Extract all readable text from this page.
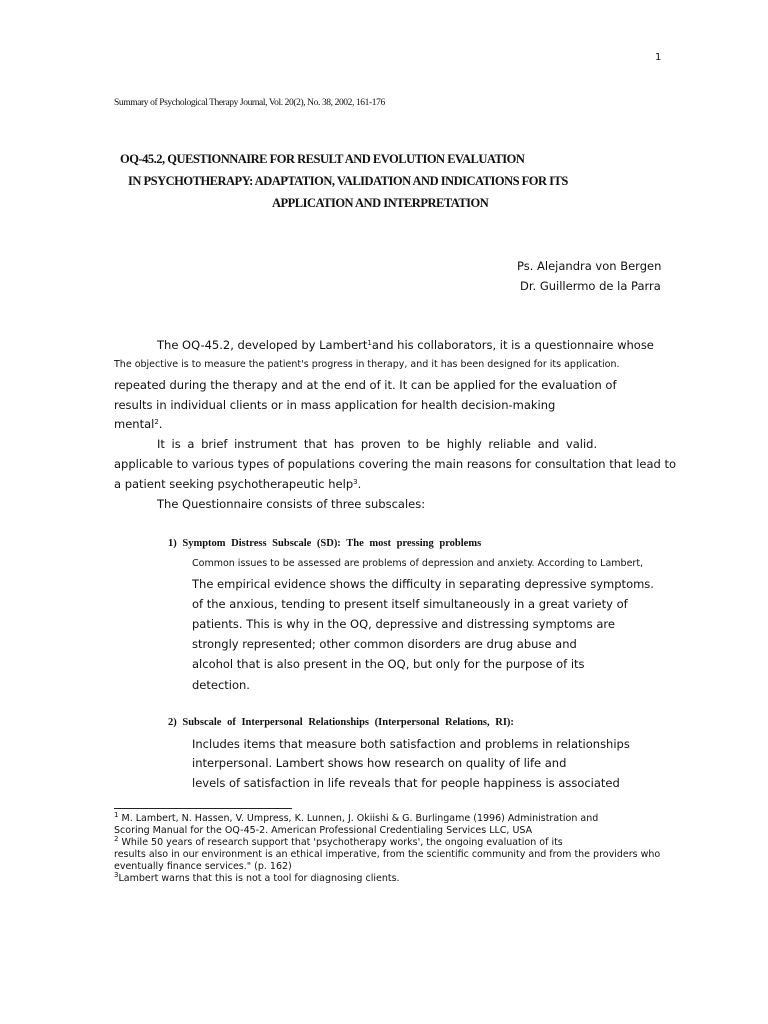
1
Summary of Psychological Therapy Journal, Vol. 20(2), No. 38, 2002, 161-176
OQ-45.2, QUESTIONNAIRE FOR RESULT AND EVOLUTION EVALUATION
IN PSYCHOTHERAPY: ADAPTATION, VALIDATION AND INDICATIONS FOR ITS
APPLICATION AND INTERPRETATION
Ps. Alejandra von Bergen
Dr. Guillermo de la Parra
The OQ-45.2, developed by Lambert$^1$and his collaborators, it is a questionnaire whose
The objective is to measure the patient's progress in therapy, and it has been designed for its application.
repeated during the therapy and at the end of it. It can be applied for the evaluation of
results in individual clients or in mass application for health decision-making
mental$^2$.
It is a brief instrument that has proven to be highly reliable and valid.
applicable to various types of populations covering the main reasons for consultation that lead to
a patient seeking psychotherapeutic help$^3$.
The Questionnaire consists of three subscales:
1) Symptom Distress Subscale (SD): The most pressing problems
Common issues to be assessed are problems of depression and anxiety. According to Lambert,
The empirical evidence shows the difficulty in separating depressive symptoms.
of the anxious, tending to present itself simultaneously in a great variety of
patients. This is why in the OQ, depressive and distressing symptoms are
strongly represented; other common disorders are drug abuse and
alcohol that is also present in the OQ, but only for the purpose of its
detection.
2) Subscale of Interpersonal Relationships (Interpersonal Relations, RI):
Includes items that measure both satisfaction and problems in relationships
interpersonal. Lambert shows how research on quality of life and
levels of satisfaction in life reveals that for people happiness is associated
$^1$ M. Lambert, N. Hassen, V. Umpress, K. Lunnen, J. Okiishi & G. Burlingame (1996) Administration and
Scoring Manual for the OQ-45-2. American Professional Credentialing Services LLC, USA
$^2$ While 50 years of research support that 'psychotherapy works', the ongoing evaluation of its
results also in our environment is an ethical imperative, from the scientific community and from the providers who
eventually finance services." (p. 162)
$^3$Lambert warns that this is not a tool for diagnosing clients.
